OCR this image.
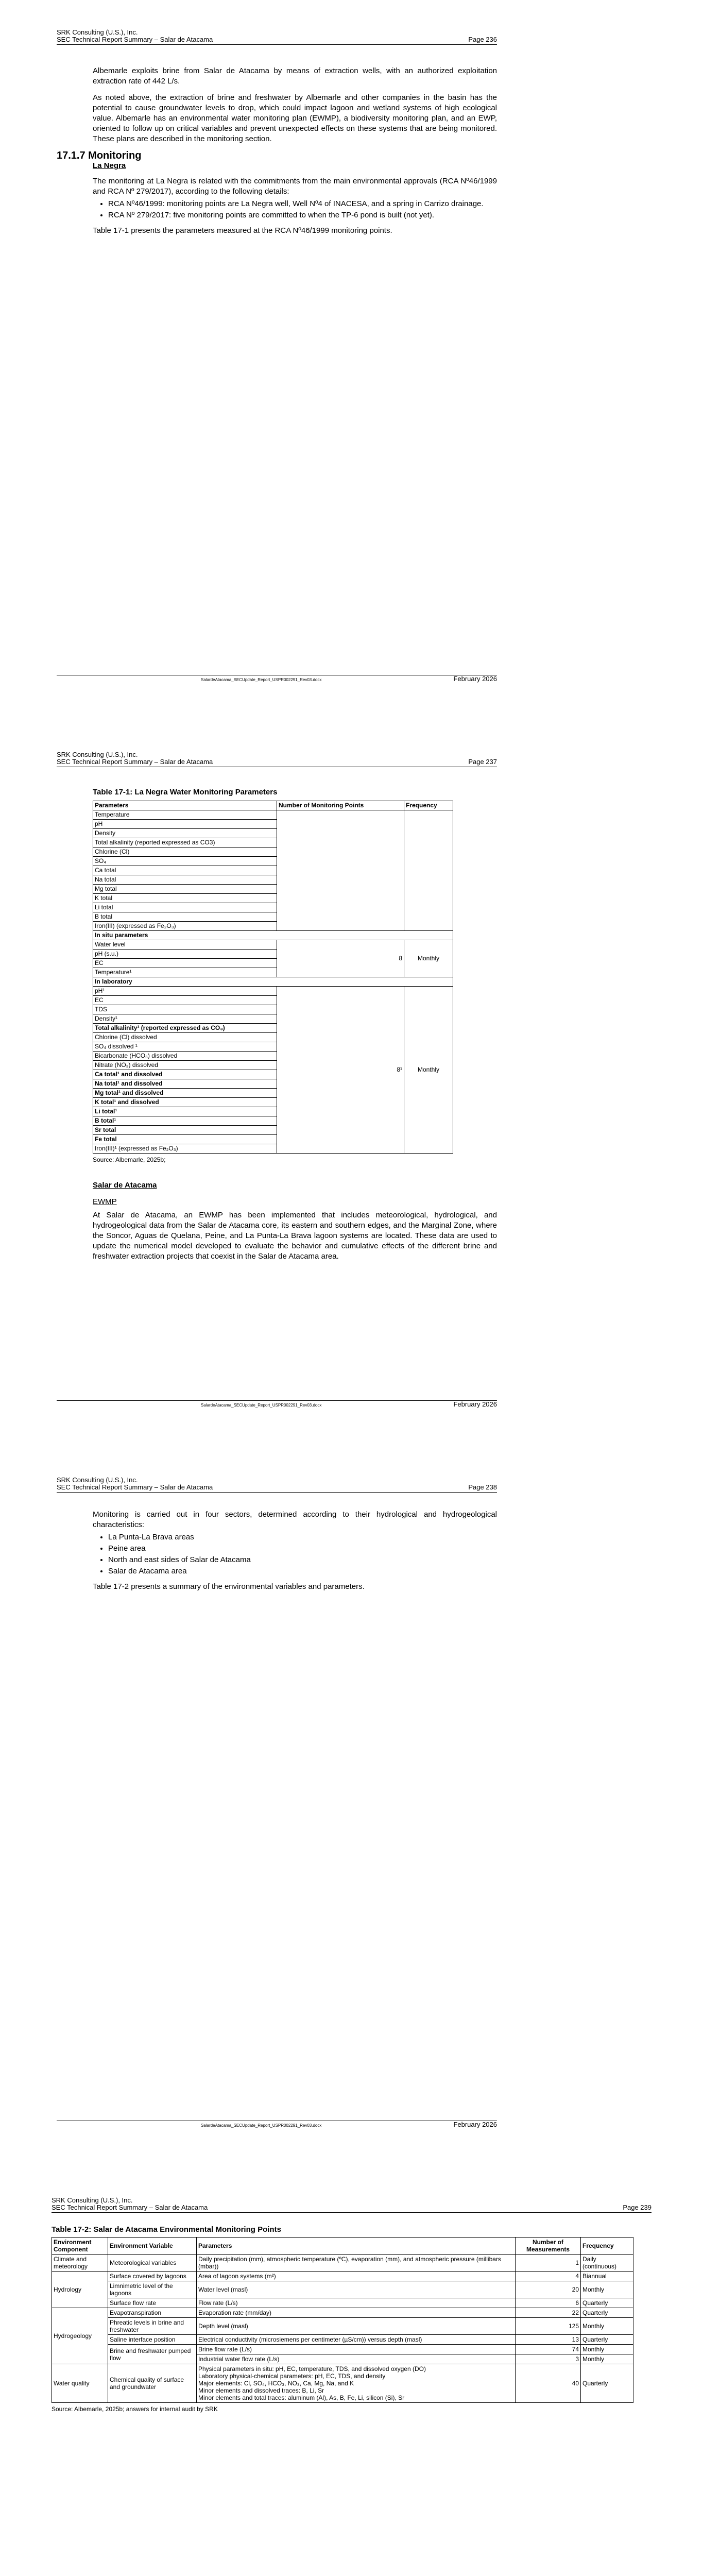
SRK Consulting (U.S.), Inc.
SEC Technical Report Summary – Salar de Atacama	Page 236

Albemarle exploits brine from Salar de Atacama by means of extraction wells, with an authorized exploitation extraction rate of 442 L/s.

As noted above, the extraction of brine and freshwater by Albemarle and other companies in the basin has the potential to cause groundwater levels to drop, which could impact lagoon and wetland systems of high ecological value. Albemarle has an environmental water monitoring plan (EWMP), a biodiversity monitoring plan, and an EWP, oriented to follow up on critical variables and prevent unexpected effects on these systems that are being monitored. These plans are described in the monitoring section.

17.1.7 Monitoring
La Negra

The monitoring at La Negra is related with the commitments from the main environmental approvals (RCA Nº46/1999 and RCA Nº 279/2017), according to the following details:

• RCA Nº46/1999: monitoring points are La Negra well, Well Nº4 of INACESA, and a spring in Carrizo drainage.
• RCA Nº 279/2017: five monitoring points are committed to when the TP-6 pond is built (not yet).

Table 17-1 presents the parameters measured at the RCA Nº46/1999 monitoring points.

SalardeAtacama_SECUpdate_Report_USPR002291_Rev03.docx	February 2026
SRK Consulting (U.S.), Inc.
SEC Technical Report Summary – Salar de Atacama	Page 237
Table 17-1: La Negra Water Monitoring Parameters
Parameters	Number of Monitoring Points	Frequency
Temperature		
pH		
Density		
Total alkalinity (reported expressed as CO3)		
Chlorine (Cl)		
SO₄		
Ca total		
Na total		
Mg total		
K total		
Li total		
B total		
Iron(III) (expressed as Fe₂O₃)		
In situ parameters		
Water level	8	Monthly
pH (s.u.)		
EC		
Temperature¹		
In laboratory		
pH¹	8¹	Monthly
EC		
TDS		
Density¹		
Total alkalinity¹ (reported expressed as CO₃)		
Chlorine (Cl) dissolved		
SO₄ dissolved ¹		
Bicarbonate (HCO₃) dissolved		
Nitrate (NO₃) dissolved		
Ca total¹ and dissolved		
Na total¹ and dissolved		
Mg total¹ and dissolved		
K total¹ and dissolved		
Li total¹		
B total¹		
Sr total		
Fe total		
Iron(III)¹ (expressed as Fe₂O₃)		
Source: Albemarle, 2025b;
Salar de Atacama
EWMP

At Salar de Atacama, an EWMP has been implemented that includes meteorological, hydrological, and hydrogeological data from the Salar de Atacama core, its eastern and southern edges, and the Marginal Zone, where the Soncor, Aguas de Quelana, Peine, and La Punta-La Brava lagoon systems are located. These data are used to update the numerical model developed to evaluate the behavior and cumulative effects of the different brine and freshwater extraction projects that coexist in the Salar de Atacama area.

SalardeAtacama_SECUpdate_Report_USPR002291_Rev03.docx	February 2026
SRK Consulting (U.S.), Inc.
SEC Technical Report Summary – Salar de Atacama	Page 238

Monitoring is carried out in four sectors, determined according to their hydrological and hydrogeological characteristics:

• La Punta-La Brava areas
• Peine area
• North and east sides of Salar de Atacama
• Salar de Atacama area

Table 17-2 presents a summary of the environmental variables and parameters.

SalardeAtacama_SECUpdate_Report_USPR002291_Rev03.docx	February 2026
SRK Consulting (U.S.), Inc.
SEC Technical Report Summary – Salar de Atacama	Page 239
Table 17-2: Salar de Atacama Environmental Monitoring Points
Environment Component	Environment Variable	Parameters	Number of Measurements	Frequency
Climate and meteorology	Meteorological variables	Daily precipitation (mm), atmospheric temperature (ºC), evaporation (mm), and atmospheric pressure (millibars (mbar))	1	Daily (continuous)
Hydrology	Surface covered by lagoons	Area of lagoon systems (m²)	4	Biannual
	Limnimetric level of the lagoons	Water level (masl)	20	Monthly
	Surface flow rate	Flow rate (L/s)	6	Quarterly
Hydrogeology	Evapotranspiration	Evaporation rate (mm/day)	22	Quarterly
	Phreatic levels in brine and freshwater	Depth level (masl)	125	Monthly
	Saline interface position	Electrical conductivity (microsiemens per centimeter (µS/cm)) versus depth (masl)	13	Quarterly
	Brine and freshwater pumped flow	Brine flow rate (L/s)	74	Monthly
		Industrial water flow rate (L/s)	3	Monthly
Water quality	Chemical quality of surface and groundwater	Physical parameters in situ: pH, EC, temperature, TDS, and dissolved oxygen (DO)
Laboratory physical-chemical parameters: pH, EC, TDS, and density
Major elements: Cl, SO₄, HCO₃, NO₃, Ca, Mg, Na, and K
Minor elements and dissolved traces: B, Li, Sr
Minor elements and total traces: aluminum (Al), As, B, Fe, Li, silicon (Si), Sr	40	Quarterly
Source: Albemarle, 2025b; answers for internal audit by SRK
